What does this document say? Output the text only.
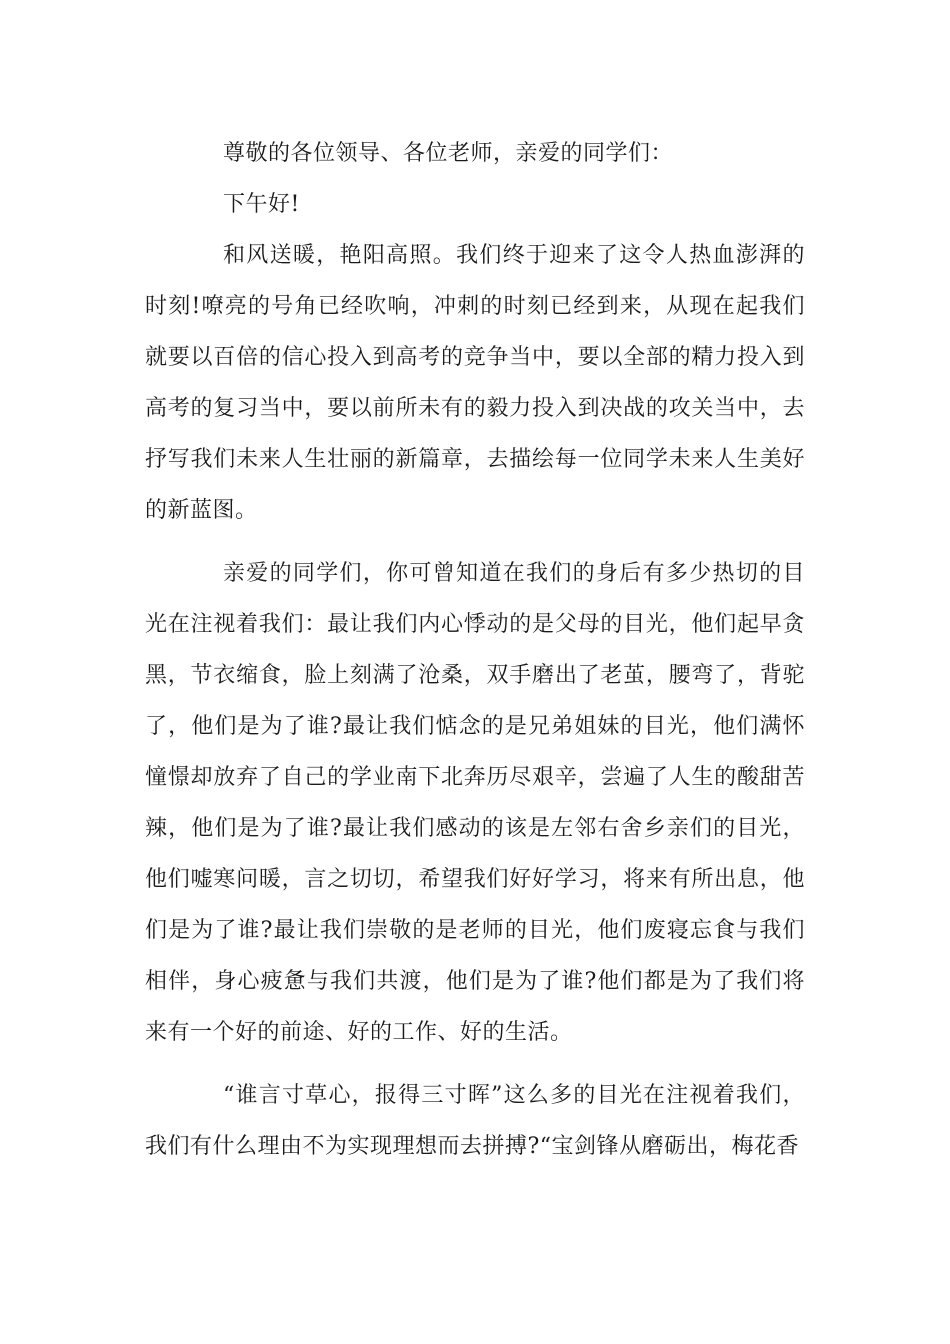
尊敬的各位领导、各位老师，亲爱的同学们：

下午好!

和风送暖，艳阳高照。我们终于迎来了这令人热血澎湃的时刻!嘹亮的号角已经吹响，冲刺的时刻已经到来，从现在起我们就要以百倍的信心投入到高考的竞争当中，要以全部的精力投入到高考的复习当中，要以前所未有的毅力投入到决战的攻关当中，去抒写我们未来人生壮丽的新篇章，去描绘每一位同学未来人生美好的新蓝图。

亲爱的同学们，你可曾知道在我们的身后有多少热切的目光在注视着我们：最让我们内心悸动的是父母的目光，他们起早贪黑，节衣缩食，脸上刻满了沧桑，双手磨出了老茧，腰弯了，背驼了，他们是为了谁?最让我们惦念的是兄弟姐妹的目光，他们满怀憧憬却放弃了自己的学业南下北奔历尽艰辛，尝遍了人生的酸甜苦辣，他们是为了谁?最让我们感动的该是左邻右舍乡亲们的目光，他们嘘寒问暖，言之切切，希望我们好好学习，将来有所出息，他们是为了谁?最让我们崇敬的是老师的目光，他们废寝忘食与我们相伴，身心疲惫与我们共渡，他们是为了谁?他们都是为了我们将来有一个好的前途、好的工作、好的生活。

“谁言寸草心，报得三寸晖”这么多的目光在注视着我们，我们有什么理由不为实现理想而去拼搏?“宝剑锋从磨砺出，梅花香
